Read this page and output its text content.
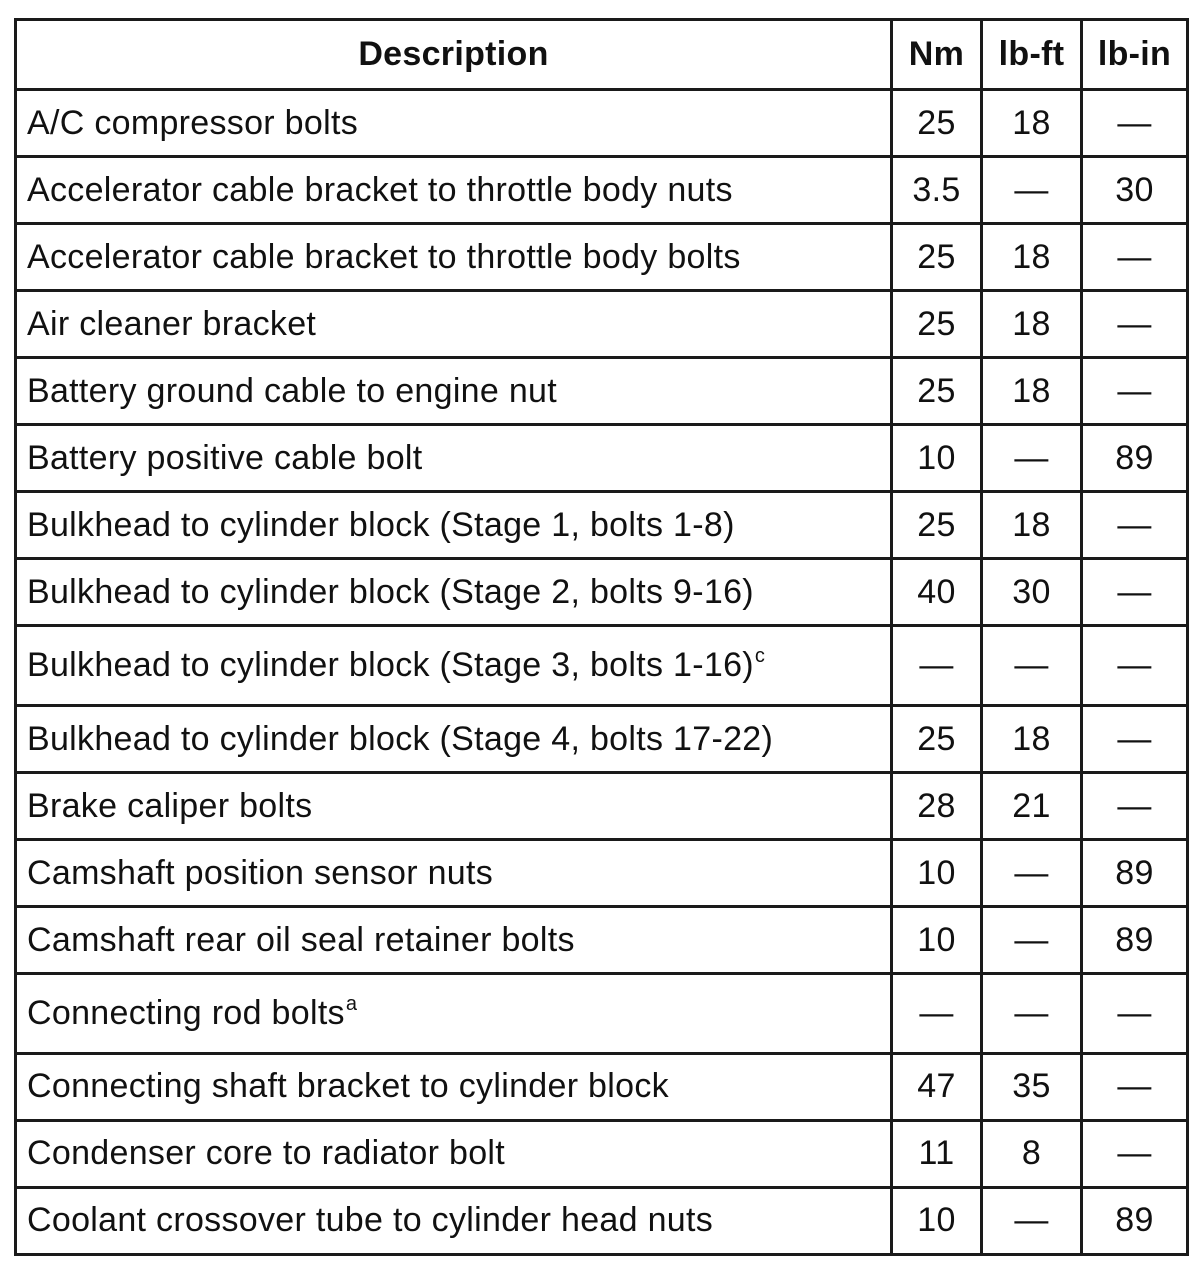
Description	Nm	lb-ft	lb-in
A/C compressor bolts	25	18	—
Accelerator cable bracket to throttle body nuts	3.5	—	30
Accelerator cable bracket to throttle body bolts	25	18	—
Air cleaner bracket	25	18	—
Battery ground cable to engine nut	25	18	—
Battery positive cable bolt	10	—	89
Bulkhead to cylinder block (Stage 1, bolts 1-8)	25	18	—
Bulkhead to cylinder block (Stage 2, bolts 9-16)	40	30	—
Bulkhead to cylinder block (Stage 3, bolts 1-16)$^c$	—	—	—
Bulkhead to cylinder block (Stage 4, bolts 17-22)	25	18	—
Brake caliper bolts	28	21	—
Camshaft position sensor nuts	10	—	89
Camshaft rear oil seal retainer bolts	10	—	89
Connecting rod bolts$^a$	—	—	—
Connecting shaft bracket to cylinder block	47	35	—
Condenser core to radiator bolt	11	8	—
Coolant crossover tube to cylinder head nuts	10	—	89
